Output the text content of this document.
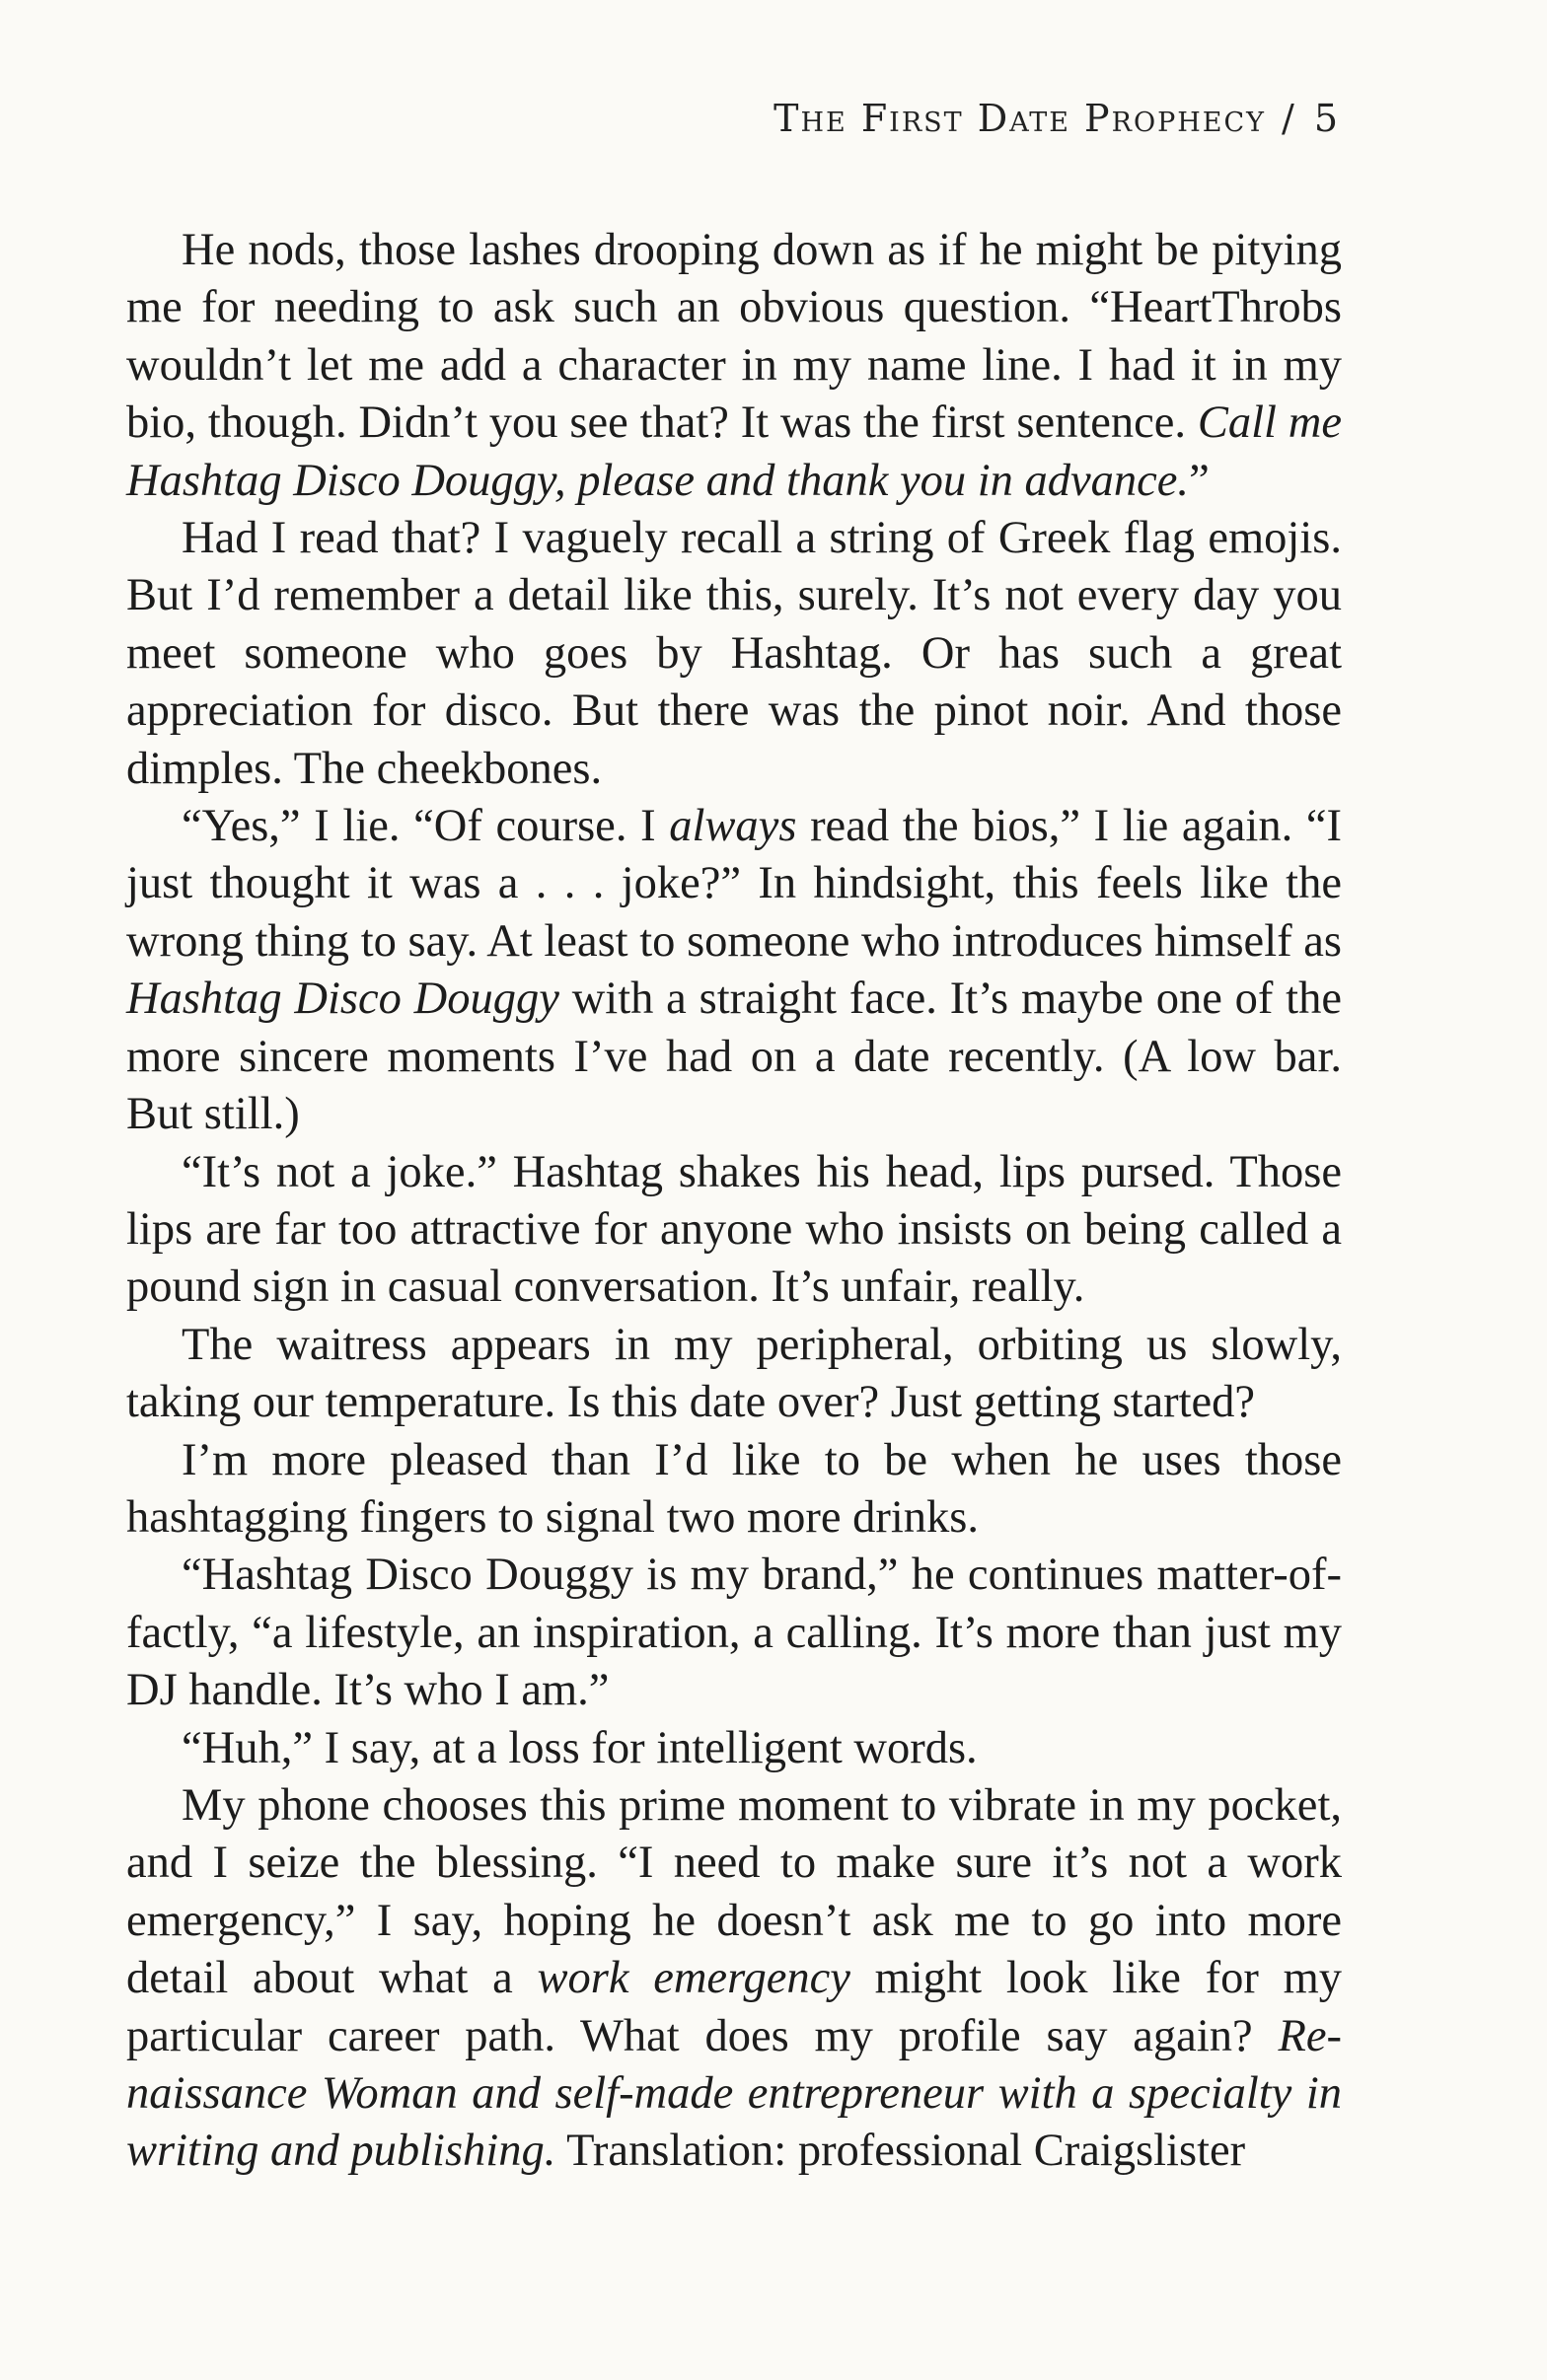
The First Date Prophecy / 5

He nods, those lashes drooping down as if he might be pitying me for needing to ask such an obvious question. “HeartThrobs wouldn’t let me add a character in my name line. I had it in my bio, though. Didn’t you see that? It was the first sentence. Call me Hashtag Disco Douggy, please and thank you in advance.”

Had I read that? I vaguely recall a string of Greek flag emojis. But I’d remember a detail like this, surely. It’s not every day you meet someone who goes by Hashtag. Or has such a great appreciation for disco. But there was the pinot noir. And those dimples. The cheekbones.

“Yes,” I lie. “Of course. I always read the bios,” I lie again. “I just thought it was a . . . joke?” In hindsight, this feels like the wrong thing to say. At least to someone who introduces himself as Hashtag Disco Douggy with a straight face. It’s maybe one of the more sincere moments I’ve had on a date recently. (A low bar. But still.)

“It’s not a joke.” Hashtag shakes his head, lips pursed. Those lips are far too attractive for anyone who insists on being called a pound sign in casual conversation. It’s unfair, really.

The waitress appears in my peripheral, orbiting us slowly, taking our temperature. Is this date over? Just getting started?

I’m more pleased than I’d like to be when he uses those hashtagging fingers to signal two more drinks.

“Hashtag Disco Douggy is my brand,” he continues matter-of-factly, “a lifestyle, an inspiration, a calling. It’s more than just my DJ handle. It’s who I am.”

“Huh,” I say, at a loss for intelligent words.

My phone chooses this prime moment to vibrate in my pocket, and I seize the blessing. “I need to make sure it’s not a work emergency,” I say, hoping he doesn’t ask me to go into more detail about what a work emergency might look like for my particular career path. What does my profile say again? Renaissance Woman and self-made entrepreneur with a specialty in writing and publishing. Translation: professional Craigslister
